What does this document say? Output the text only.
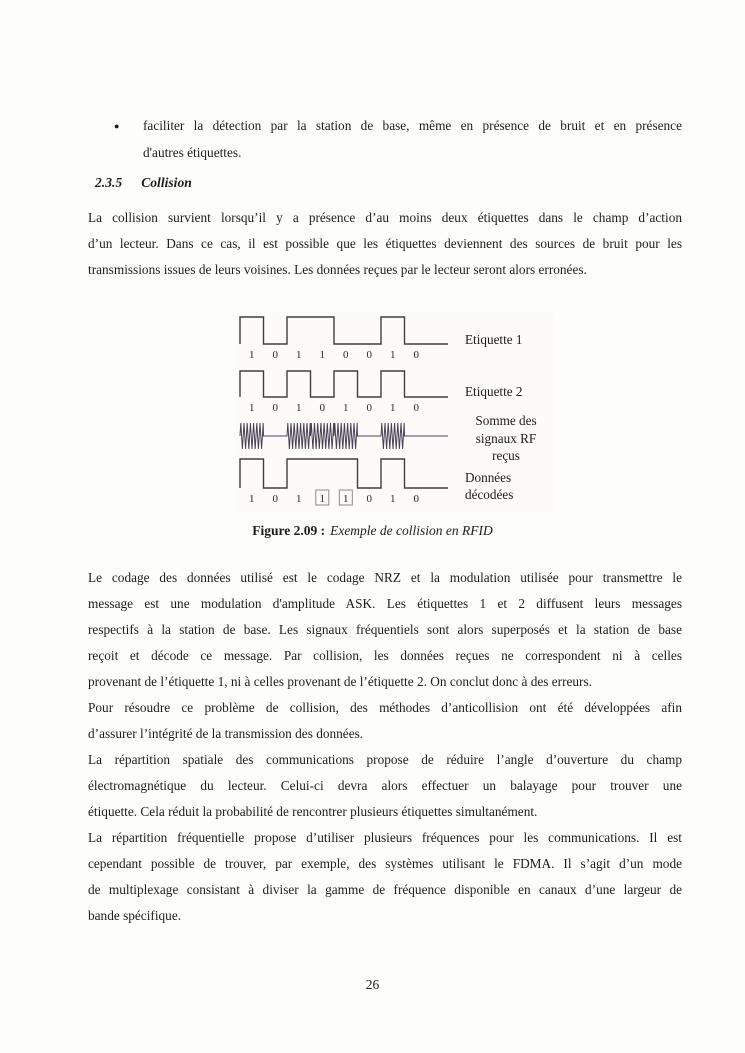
● faciliter la détection par la station de base, même en présence de bruit et en présence
d'autres étiquettes.
2.3.5 Collision
La collision survient lorsqu’il y a présence d’au moins deux étiquettes dans le champ d’action
d’un lecteur. Dans ce cas, il est possible que les étiquettes deviennent des sources de bruit pour les
transmissions issues de leurs voisines. Les données reçues par le lecteur seront alors erronées.
1 0 1 1 0 0 1 0
1 0 1 0 1 0 1 0
1 0 1 1 1 0 1 0
Etiquette 1
Etiquette 2
Somme des
signaux RF
reçus
Données
décodées
Figure 2.09 : Exemple de collision en RFID
Le codage des données utilisé est le codage NRZ et la modulation utilisée pour transmettre le
message est une modulation d'amplitude ASK. Les étiquettes 1 et 2 diffusent leurs messages
respectifs à la station de base. Les signaux fréquentiels sont alors superposés et la station de base
reçoit et décode ce message. Par collision, les données reçues ne correspondent ni à celles
provenant de l’étiquette 1, ni à celles provenant de l’étiquette 2. On conclut donc à des erreurs.
Pour résoudre ce problème de collision, des méthodes d’anticollision ont été développées afin
d’assurer l’intégrité de la transmission des données.
La répartition spatiale des communications propose de réduire l’angle d’ouverture du champ
électromagnétique du lecteur. Celui-ci devra alors effectuer un balayage pour trouver une
étiquette. Cela réduit la probabilité de rencontrer plusieurs étiquettes simultanément.
La répartition fréquentielle propose d’utiliser plusieurs fréquences pour les communications. Il est
cependant possible de trouver, par exemple, des systèmes utilisant le FDMA. Il s’agit d’un mode
de multiplexage consistant à diviser la gamme de fréquence disponible en canaux d’une largeur de
bande spécifique.
26
